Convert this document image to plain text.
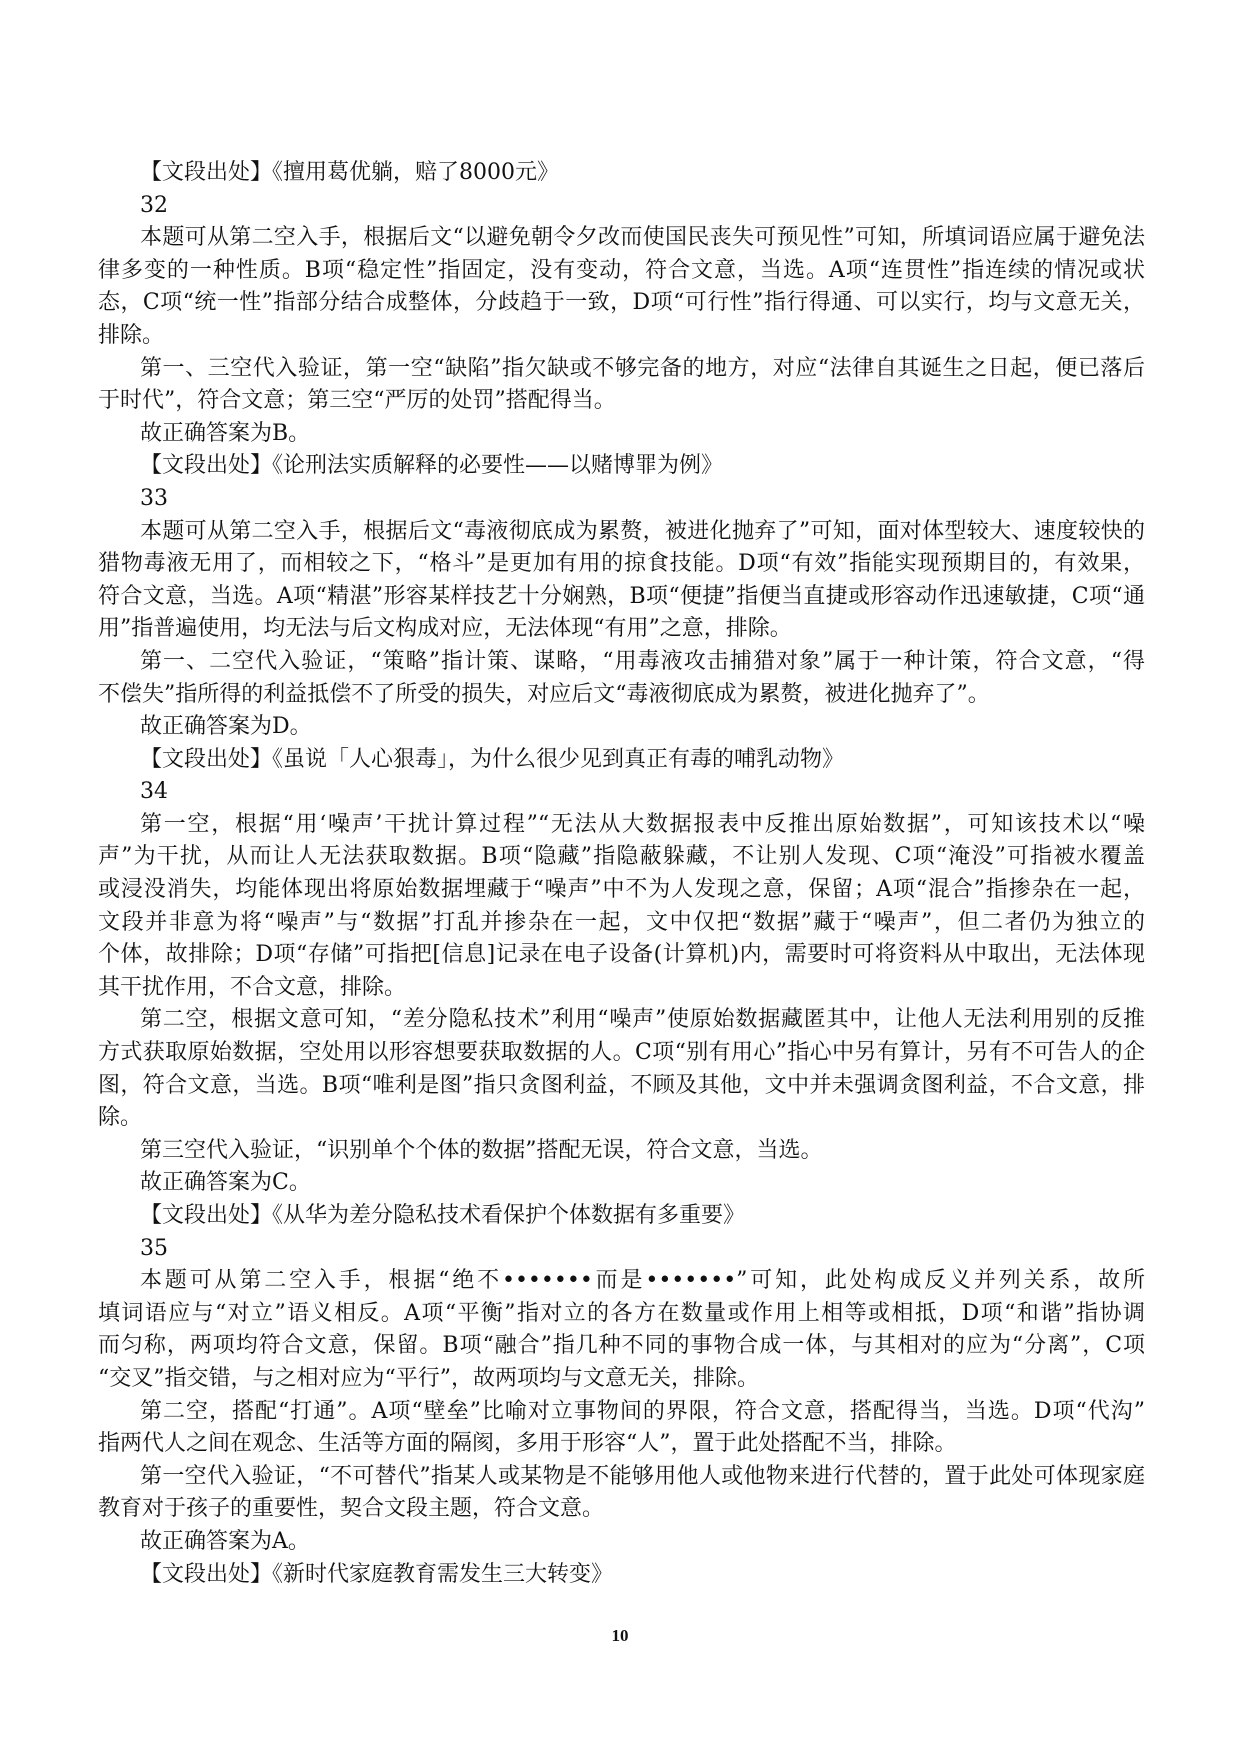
【文段出处】《擅用葛优躺，赔了8000元》
32
本题可从第二空入手，根据后文“以避免朝令夕改而使国民丧失可预见性”可知，所填词语应属于避免法
律多变的一种性质。B项“稳定性”指固定，没有变动，符合文意，当选。A项“连贯性”指连续的情况或状
态，C项“统一性”指部分结合成整体，分歧趋于一致，D项“可行性”指行得通、可以实行，均与文意无关，
排除。
第一、三空代入验证，第一空“缺陷”指欠缺或不够完备的地方，对应“法律自其诞生之日起，便已落后
于时代”，符合文意；第三空“严厉的处罚”搭配得当。
故正确答案为B。
【文段出处】《论刑法实质解释的必要性——以赌博罪为例》
33
本题可从第二空入手，根据后文“毒液彻底成为累赘，被进化抛弃了”可知，面对体型较大、速度较快的
猎物毒液无用了，而相较之下，“格斗”是更加有用的掠食技能。D项“有效”指能实现预期目的，有效果，
符合文意，当选。A项“精湛”形容某样技艺十分娴熟，B项“便捷”指便当直捷或形容动作迅速敏捷，C项“通
用”指普遍使用，均无法与后文构成对应，无法体现“有用”之意，排除。
第一、二空代入验证，“策略”指计策、谋略，“用毒液攻击捕猎对象”属于一种计策，符合文意，“得
不偿失”指所得的利益抵偿不了所受的损失，对应后文“毒液彻底成为累赘，被进化抛弃了”。
故正确答案为D。
【文段出处】《虽说「人心狠毒」，为什么很少见到真正有毒的哺乳动物》
34
第一空，根据“用‘噪声’干扰计算过程”“无法从大数据报表中反推出原始数据”，可知该技术以“噪
声”为干扰，从而让人无法获取数据。B项“隐藏”指隐蔽躲藏，不让别人发现、C项“淹没”可指被水覆盖
或浸没消失，均能体现出将原始数据埋藏于“噪声”中不为人发现之意，保留；A项“混合”指掺杂在一起，
文段并非意为将“噪声”与“数据”打乱并掺杂在一起，文中仅把“数据”藏于“噪声”，但二者仍为独立的
个体，故排除；D项“存储”可指把[信息]记录在电子设备(计算机)内，需要时可将资料从中取出，无法体现
其干扰作用，不合文意，排除。
第二空，根据文意可知，“差分隐私技术”利用“噪声”使原始数据藏匿其中，让他人无法利用别的反推
方式获取原始数据，空处用以形容想要获取数据的人。C项“别有用心”指心中另有算计，另有不可告人的企
图，符合文意，当选。B项“唯利是图”指只贪图利益，不顾及其他，文中并未强调贪图利益，不合文意，排
除。
第三空代入验证，“识别单个个体的数据”搭配无误，符合文意，当选。
故正确答案为C。
【文段出处】《从华为差分隐私技术看保护个体数据有多重要》
35
本题可从第二空入手，根据“绝不•••••••而是•••••••”可知，此处构成反义并列关系，故所
填词语应与“对立”语义相反。A项“平衡”指对立的各方在数量或作用上相等或相抵，D项“和谐”指协调
而匀称，两项均符合文意，保留。B项“融合”指几种不同的事物合成一体，与其相对的应为“分离”，C项
“交叉”指交错，与之相对应为“平行”，故两项均与文意无关，排除。
第二空，搭配“打通”。A项“壁垒”比喻对立事物间的界限，符合文意，搭配得当，当选。D项“代沟”
指两代人之间在观念、生活等方面的隔阂，多用于形容“人”，置于此处搭配不当，排除。
第一空代入验证，“不可替代”指某人或某物是不能够用他人或他物来进行代替的，置于此处可体现家庭
教育对于孩子的重要性，契合文段主题，符合文意。
故正确答案为A。
【文段出处】《新时代家庭教育需发生三大转变》
10
